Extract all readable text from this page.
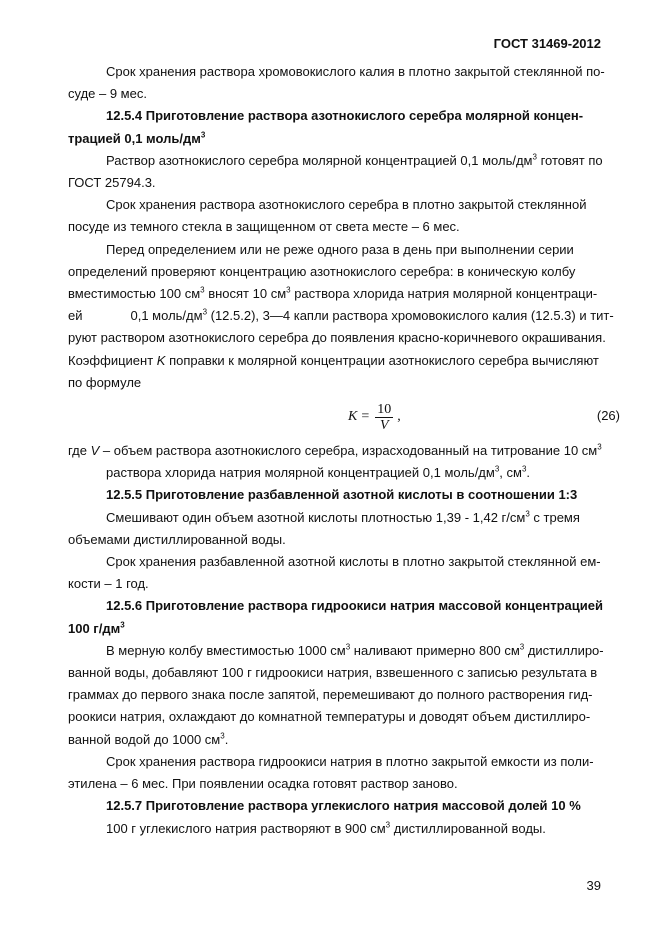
ГОСТ 31469-2012

Срок хранения раствора хромовокислого калия в плотно закрытой стеклянной по-
суде – 9 мес.

12.5.4 Приготовление раствора азотнокислого серебра молярной концен-
трацией 0,1 моль/$дм^3$

Раствор азотнокислого серебра молярной концентрацией 0,1 моль/$дм^3$ готовят по
ГОСТ 25794.3.

Срок хранения раствора азотнокислого серебра в плотно закрытой стеклянной
посуде из темного стекла в защищенном от света месте – 6 мес.

Перед определением или не реже одного раза в день при выполнении серии
определений проверяют концентрацию азотнокислого серебра: в коническую колбу
вместимостью 100 $см^3$ вносят 10 $см^3$ раствора хлорида натрия молярной концентраци-
ей	0,1 моль/$дм^3$ (12.5.2), 3—4 капли раствора хромовокислого калия (12.5.3) и тит-
руют раствором азотнокислого серебра до появления красно-коричневого окрашивания.
Коэффициент K поправки к молярной концентрации азотнокислого серебра вычисляют
по формуле

$K = \frac{10}{V}$ ,	(26)

где V – объем раствора азотнокислого серебра, израсходованный на титрование 10 $см^3$
раствора хлорида натрия молярной концентрацией 0,1 моль/$дм^3$, $см^3$.

12.5.5 Приготовление разбавленной азотной кислоты в соотношении 1:3

Смешивают один объем азотной кислоты плотностью 1,39 - 1,42 $г/см^3$ с тремя
объемами дистиллированной воды.

Срок хранения разбавленной азотной кислоты в плотно закрытой стеклянной ем-
кости – 1 год.

12.5.6 Приготовление раствора гидроокиси натрия массовой концентрацией
100 $г/дм^3$

В мерную колбу вместимостью 1000 $см^3$ наливают примерно 800 $см^3$ дистиллиро-
ванной воды, добавляют 100 г гидроокиси натрия, взвешенного с записью результата в
граммах до первого знака после запятой, перемешивают до полного растворения гид-
роокиси натрия, охлаждают до комнатной температуры и доводят объем дистиллиро-
ванной водой до 1000 $см^3$.

Срок хранения раствора гидроокиси натрия в плотно закрытой емкости из поли-
этилена – 6 мес. При появлении осадка готовят раствор заново.

12.5.7 Приготовление раствора углекислого натрия массовой долей 10 %

100 г углекислого натрия растворяют в 900 $см^3$ дистиллированной воды.

39
